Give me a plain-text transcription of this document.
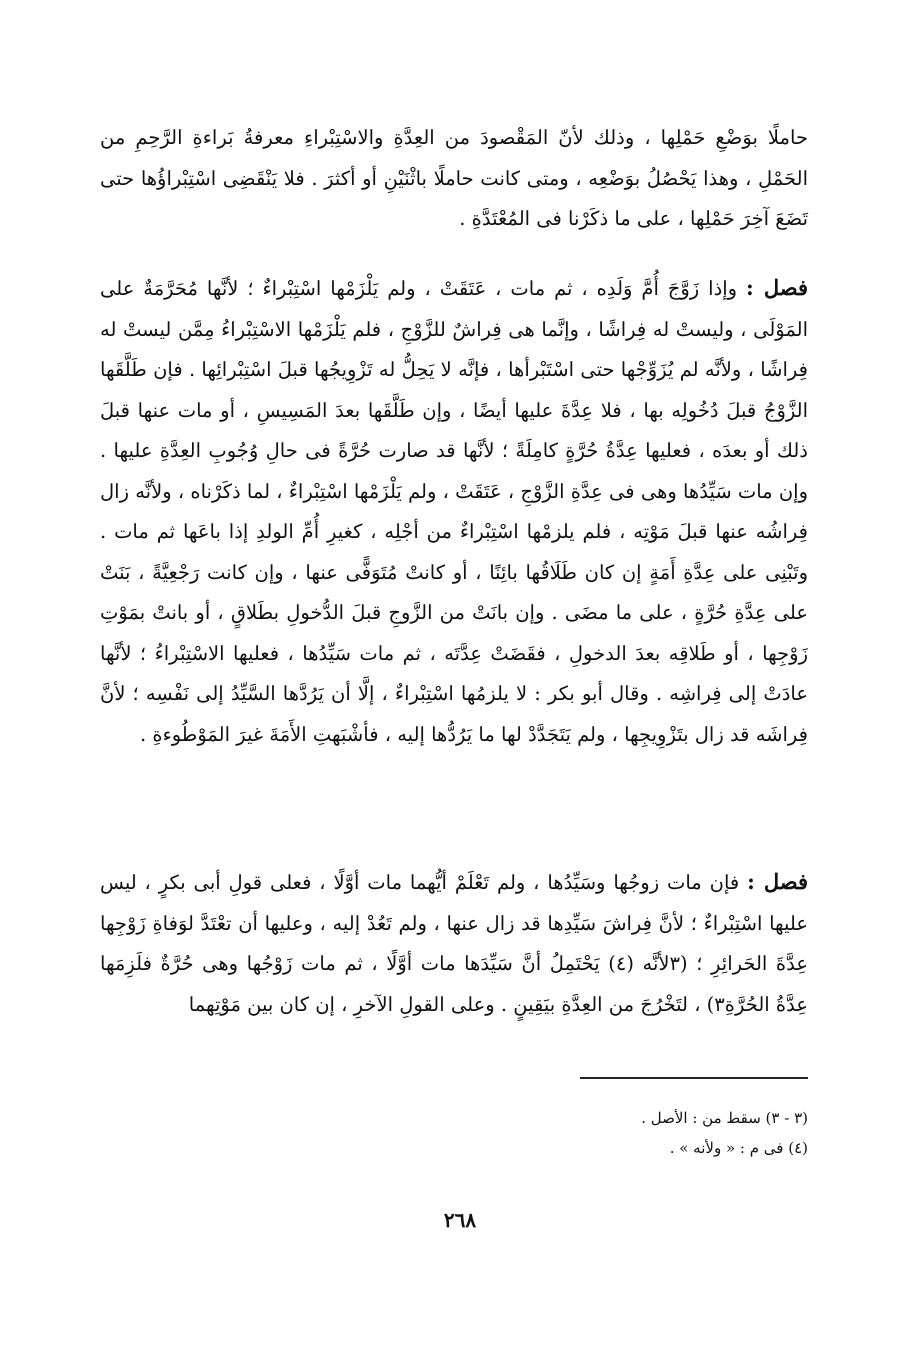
حاملًا بوَضْعِ حَمْلِها ، وذلك لأنّ المَقْصودَ من العِدَّةِ والاسْتِبْراءِ معرفةُ بَراءةِ الرَّحِمِ من الحَمْلِ ، وهذا يَحْصُلُ بوَضْعِه ، ومتى كانت حاملًا باثْنَيْنِ أو أكثرَ . فلا يَنْقَضِى اسْتِبْراؤُها حتى تَضَعَ آخِرَ حَمْلِها ، على ما ذكَرْنا فى المُعْتَدَّةِ .

فصل : وإذا زَوَّجَ أُمَّ وَلَدِه ، ثم مات ، عَتَقَتْ ، ولم يَلْزَمْها اسْتِبْراءٌ ؛ لأنَّها مُحَرَّمَةٌ على المَوْلَى ، وليستْ له فِراشًا ، وإنَّما هى فِراشٌ للزَّوْجِ ، فلم يَلْزَمْها الاسْتِبْراءُ مِمَّن ليستْ له فِراشًا ، ولأنَّه لم يُزَوِّجْها حتى اسْتَبْرأها ، فإنَّه لا يَحِلُّ له تَزْوِيجُها قبلَ اسْتِبْرائِها . فإن طَلَّقَها الزَّوْجُ قبلَ دُخُولِه بها ، فلا عِدَّةَ عليها أيضًا ، وإن طَلَّقَها بعدَ المَسِيسِ ، أو مات عنها قبلَ ذلك أو بعدَه ، فعليها عِدَّةُ حُرَّةٍ كامِلَةً ؛ لأنَّها قد صارت حُرَّةً فى حالِ وُجُوبِ العِدَّةِ عليها . وإن مات سَيِّدُها وهى فى عِدَّةِ الزَّوْجِ ، عَتَقَتْ ، ولم يَلْزَمْها اسْتِبْراءٌ ، لما ذكَرْناه ، ولأنَّه زال فِراشُه عنها قبلَ مَوْتِه ، فلم يلزمْها اسْتِبْراءٌ من أجْلِه ، كغيرِ أُمِّ الولدِ إذا باعَها ثم مات . وتَبْنِى على عِدَّةِ أَمَةٍ إن كان طَلَاقُها بائِنًا ، أو كانتْ مُتَوَفًّى عنها ، وإن كانت رَجْعِيَّةً ، بَنَتْ على عِدَّةِ حُرَّةٍ ، على ما مضَى . وإن بانَتْ من الزَّوجِ قبلَ الدُّخولِ بطَلاقٍ ، أو بانتْ بمَوْتِ زَوْجِها ، أو طَلاقِه بعدَ الدخولِ ، فقَضَتْ عِدَّتَه ، ثم مات سَيِّدُها ، فعليها الاسْتِبْراءُ ؛ لأنَّها عادَتْ إلى فِراشِه . وقال أبو بكر : لا يلزمُها اسْتِبْراءٌ ، إلَّا أن يَرُدَّها السَّيِّدُ إلى نَفْسِه ؛ لأنَّ فِراشَه قد زال بتَزْوِيجِها ، ولم يَتَجَدَّدْ لها ما يَرُدُّها إليه ، فأشْبَهتِ الأَمَةَ غيرَ المَوْطُوءةِ .

فصل : فإن مات زوجُها وسَيِّدُها ، ولم تَعْلَمْ أيُّهما مات أوَّلًا ، فعلى قولِ أبى بكرٍ ، ليس عليها اسْتِبْراءٌ ؛ لأنَّ فِراشَ سَيِّدِها قد زال عنها ، ولم تَعُدْ إليه ، وعليها أن تعْتَدَّ لوَفاةِ زَوْجِها عِدَّةَ الحَرائِرِ ؛ (٣لأنَّه (٤) يَحْتَمِلُ أنَّ سَيِّدَها مات أوَّلًا ، ثم مات زَوْجُها وهى حُرَّةٌ فلَزِمَها عِدَّةُ الحُرَّةِ٣) ، لتَخْرُجَ من العِدَّةِ بيَقِينٍ . وعلى القولِ الآخرِ ، إن كان بين مَوْتِهما

(٣ - ٣) سقط من : الأصل .

(٤) فى م : « ولأنه » .

٢٦٨
